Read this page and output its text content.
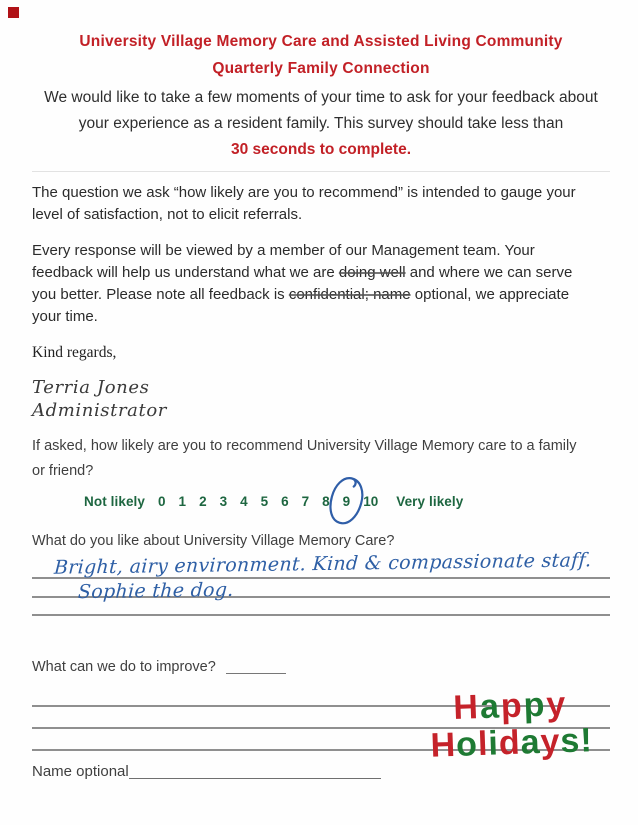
University Village Memory Care and Assisted Living Community
Quarterly Family Connection
We would like to take a few moments of your time to ask for your feedback about your experience as a resident family. This survey should take less than
30 seconds to complete.
The question we ask “how likely are you to recommend” is intended to gauge your level of satisfaction, not to elicit referrals.
Every response will be viewed by a member of our Management team. Your feedback will help us understand what we are doing well and where we can serve you better. Please note all feedback is confidential; name optional, we appreciate your time.
Kind regards,
Terria Jones
Administrator
If asked, how likely are you to recommend University Village Memory care to a family or friend?
Not likely 0 1 2 3 4 5 6 7 8 9 10 Very likely
What do you like about University Village Memory Care?
Bright, airy environment. Kind & compassionate staff.
Sophie the dog.
What can we do to improve?
Happy
Holidays!
Name optional
